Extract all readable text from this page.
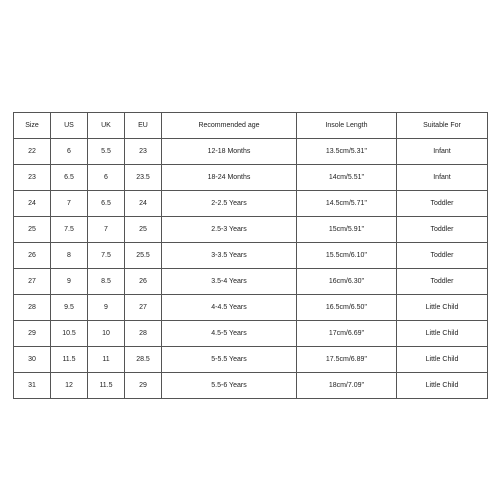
Size	US	UK	EU	Recommended age	Insole Length	Suitable For
22	6	5.5	23	12-18 Months	13.5cm/5.31''	Infant
23	6.5	6	23.5	18-24 Months	14cm/5.51''	Infant
24	7	6.5	24	2-2.5 Years	14.5cm/5.71''	Toddler
25	7.5	7	25	2.5-3 Years	15cm/5.91''	Toddler
26	8	7.5	25.5	3-3.5 Years	15.5cm/6.10''	Toddler
27	9	8.5	26	3.5-4 Years	16cm/6.30''	Toddler
28	9.5	9	27	4-4.5 Years	16.5cm/6.50''	Little Child
29	10.5	10	28	4.5-5 Years	17cm/6.69''	Little Child
30	11.5	11	28.5	5-5.5 Years	17.5cm/6.89''	Little Child
31	12	11.5	29	5.5-6 Years	18cm/7.09''	Little Child
